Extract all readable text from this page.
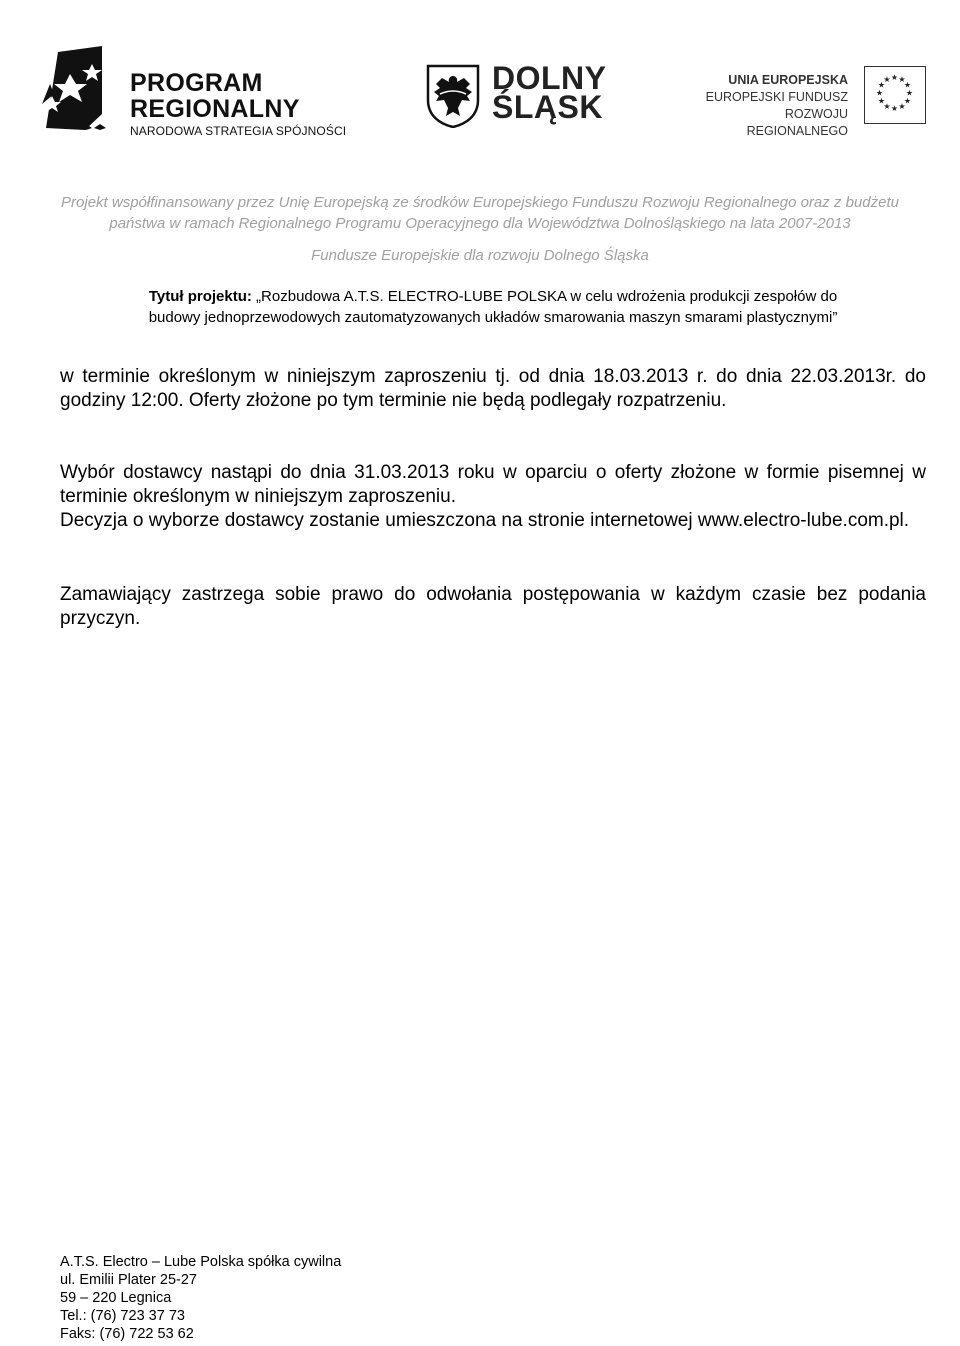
PROGRAM
REGIONALNY
NARODOWA STRATEGIA SPÓJNOŚCI
DOLNY
ŚLĄSK
UNIA EUROPEJSKA
EUROPEJSKI FUNDUSZ
ROZWOJU REGIONALNEGO
★ ★
★
★
★
★
★
★
★
★
★
★
Projekt współfinansowany przez Unię Europejską ze środków Europejskiego Funduszu Rozwoju Regionalnego oraz z budżetu
państwa w ramach Regionalnego Programu Operacyjnego dla Województwa Dolnośląskiego na lata 2007-2013
Fundusze Europejskie dla rozwoju Dolnego Śląska
Tytuł projektu: „Rozbudowa A.T.S. ELECTRO-LUBE POLSKA w celu wdrożenia produkcji zespołów do
budowy jednoprzewodowych zautomatyzowanych układów smarowania maszyn smarami plastycznymi”
w terminie określonym w niniejszym zaproszeniu tj. od dnia 18.03.2013 r. do dnia 22.03.2013r. do godziny 12:00. Oferty złożone po tym terminie nie będą podlegały rozpatrzeniu.
Wybór dostawcy nastąpi do dnia 31.03.2013 roku w oparciu o oferty złożone w formie pisemnej w terminie określonym w niniejszym zaproszeniu.
Decyzja o wyborze dostawcy zostanie umieszczona na stronie internetowej www.electro-lube.com.pl.
Zamawiający zastrzega sobie prawo do odwołania postępowania w każdym czasie bez podania przyczyn.
A.T.S. Electro – Lube Polska spółka cywilna
ul. Emilii Plater 25-27
59 – 220 Legnica
Tel.: (76) 723 37 73
Faks: (76) 722 53 62
